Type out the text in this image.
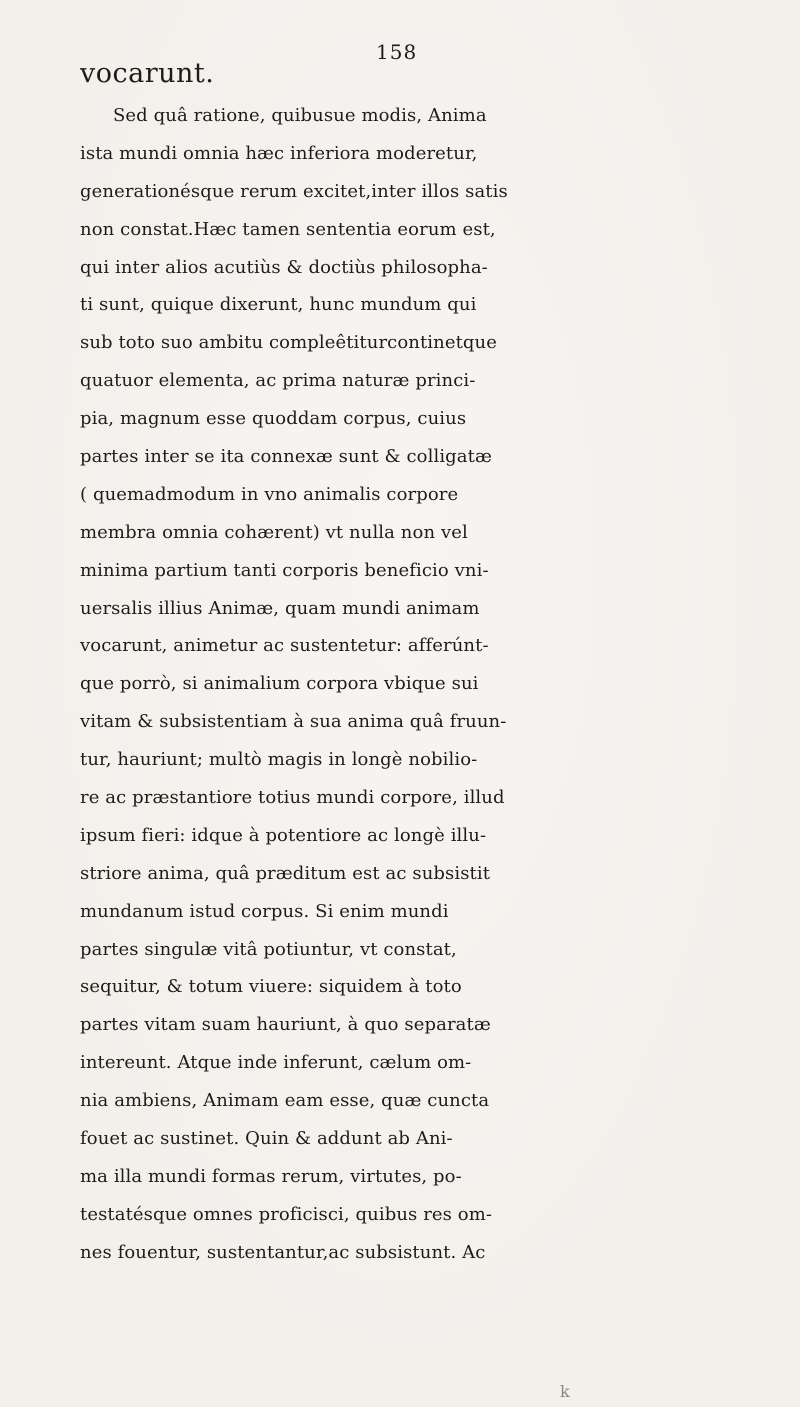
158
vocarunt.
Sed quâ ratione, quibusue modis, Anima
ista mundi omnia hæc inferiora moderetur,
generationésque rerum excitet,inter illos satis
non constat.Hæc tamen sententia eorum est,
qui inter alios acutiùs & doctiùs philosopha-
ti sunt, quique dixerunt, hunc mundum qui
sub toto suo ambitu compleêtiturcontinetque
quatuor elementa, ac prima naturæ princi-
pia, magnum esse quoddam corpus, cuius
partes inter se ita connexæ sunt & colligatæ
( quemadmodum in vno animalis corpore
membra omnia cohærent) vt nulla non vel
minima partium tanti corporis beneficio vni-
uersalis illius Animæ, quam mundi animam
vocarunt, animetur ac sustentetur: afferúnt-
que porrò, si animalium corpora vbique sui
vitam & subsistentiam à sua anima quâ fruun-
tur, hauriunt; multò magis in longè nobilio-
re ac præstantiore totius mundi corpore, illud
ipsum fieri: idque à potentiore ac longè illu-
striore anima, quâ præditum est ac subsistit
mundanum istud corpus. Si enim mundi
partes singulæ vitâ potiuntur, vt constat,
sequitur, & totum viuere: siquidem à toto
partes vitam suam hauriunt, à quo separatæ
intereunt. Atque inde inferunt, cælum om-
nia ambiens, Animam eam esse, quæ cuncta
fouet ac sustinet. Quin & addunt ab Ani-
ma illa mundi formas rerum, virtutes, po-
testatésque omnes proficisci, quibus res om-
nes fouentur, sustentantur,ac subsistunt. Ac
k
